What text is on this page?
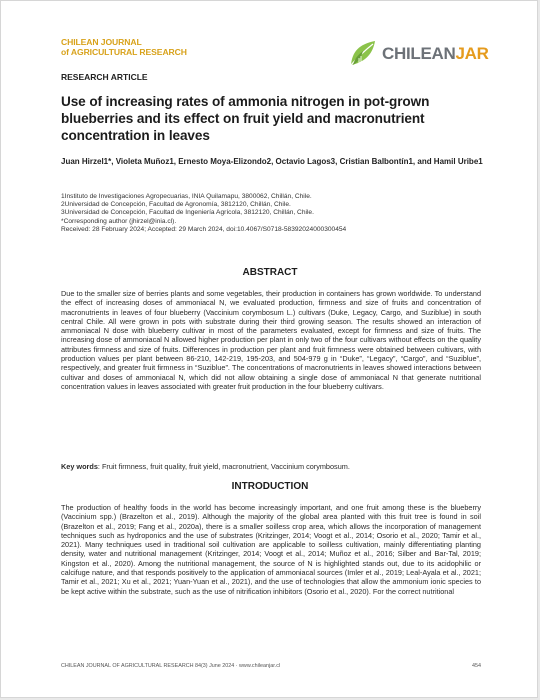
CHILEAN JOURNAL
of AGRICULTURAL RESEARCH	CHILEANJAR
RESEARCH ARTICLE
Use of increasing rates of ammonia nitrogen in pot-grown blueberries and its effect on fruit yield and macronutrient concentration in leaves
Juan Hirzel1*, Violeta Muñoz1, Ernesto Moya-Elizondo2, Octavio Lagos3, Cristian Balbontín1, and Hamil Uribe1
1Instituto de Investigaciones Agropecuarias, INIA Quilamapu, 3800062, Chillán, Chile.
2Universidad de Concepción, Facultad de Agronomía, 3812120, Chillán, Chile.
3Universidad de Concepción, Facultad de Ingeniería Agrícola, 3812120, Chillán, Chile.
*Corresponding author (jhirzel@inia.cl).
Received: 28 February 2024; Accepted: 29 March 2024, doi:10.4067/S0718-58392024000300454
ABSTRACT

Due to the smaller size of berries plants and some vegetables, their production in containers has grown worldwide. To understand the effect of increasing doses of ammoniacal N, we evaluated production, firmness and size of fruits and concentration of macronutrients in leaves of four blueberry (Vaccinium corymbosum L.) cultivars (Duke, Legacy, Cargo, and Suziblue) in south central Chile. All were grown in pots with substrate during their third growing season. The results showed an interaction of ammoniacal N dose with blueberry cultivar in most of the parameters evaluated, except for firmness and size of fruits. The increasing dose of ammoniacal N allowed higher production per plant in only two of the four cultivars without effects on the quality attributes firmness and size of fruits. Differences in production per plant and fruit firmness were obtained between cultivars, with production values per plant between 86-210, 142-219, 195-203, and 504-979 g in “Duke”, “Legacy”, “Cargo”, and “Suziblue”, respectively, and greater fruit firmness in “Suziblue”. The concentrations of macronutrients in leaves showed interactions between cultivar and doses of ammoniacal N, which did not allow obtaining a single dose of ammoniacal N that generate nutritional concentration values in leaves associated with greater fruit production in the four blueberry cultivars.

Key words: Fruit firmness, fruit quality, fruit yield, macronutrient, Vaccinium corymbosum.

INTRODUCTION

The production of healthy foods in the world has become increasingly important, and one fruit among these is the blueberry (Vaccinium spp.) (Brazelton et al., 2019). Although the majority of the global area planted with this fruit tree is found in soil (Brazelton et al., 2019; Fang et al., 2020a), there is a smaller soilless crop area, which allows the incorporation of management techniques such as hydroponics and the use of substrates (Kritzinger, 2014; Voogt et al., 2014; Osorio et al., 2020; Tamir et al., 2021). Many techniques used in traditional soil cultivation are applicable to soilless cultivation, mainly differentiating planting density, water and nutritional management (Kritzinger, 2014; Voogt et al., 2014; Muñoz et al., 2016; Silber and Bar-Tal, 2019; Kingston et al., 2020). Among the nutritional management, the source of N is highlighted stands out, due to its acidophilic or calcifuge nature, and that responds positively to the application of ammoniacal sources (Imler et al., 2019; Leal-Ayala et al., 2021; Tamir et al., 2021; Xu et al., 2021; Yuan-Yuan et al., 2021), and the use of technologies that allow the ammonium ionic species to be kept active within the substrate, such as the use of nitrification inhibitors (Osorio et al., 2020). For the correct nutritional

CHILEAN JOURNAL OF AGRICULTURAL RESEARCH 84(3) June 2024 · www.chileanjar.cl	454
